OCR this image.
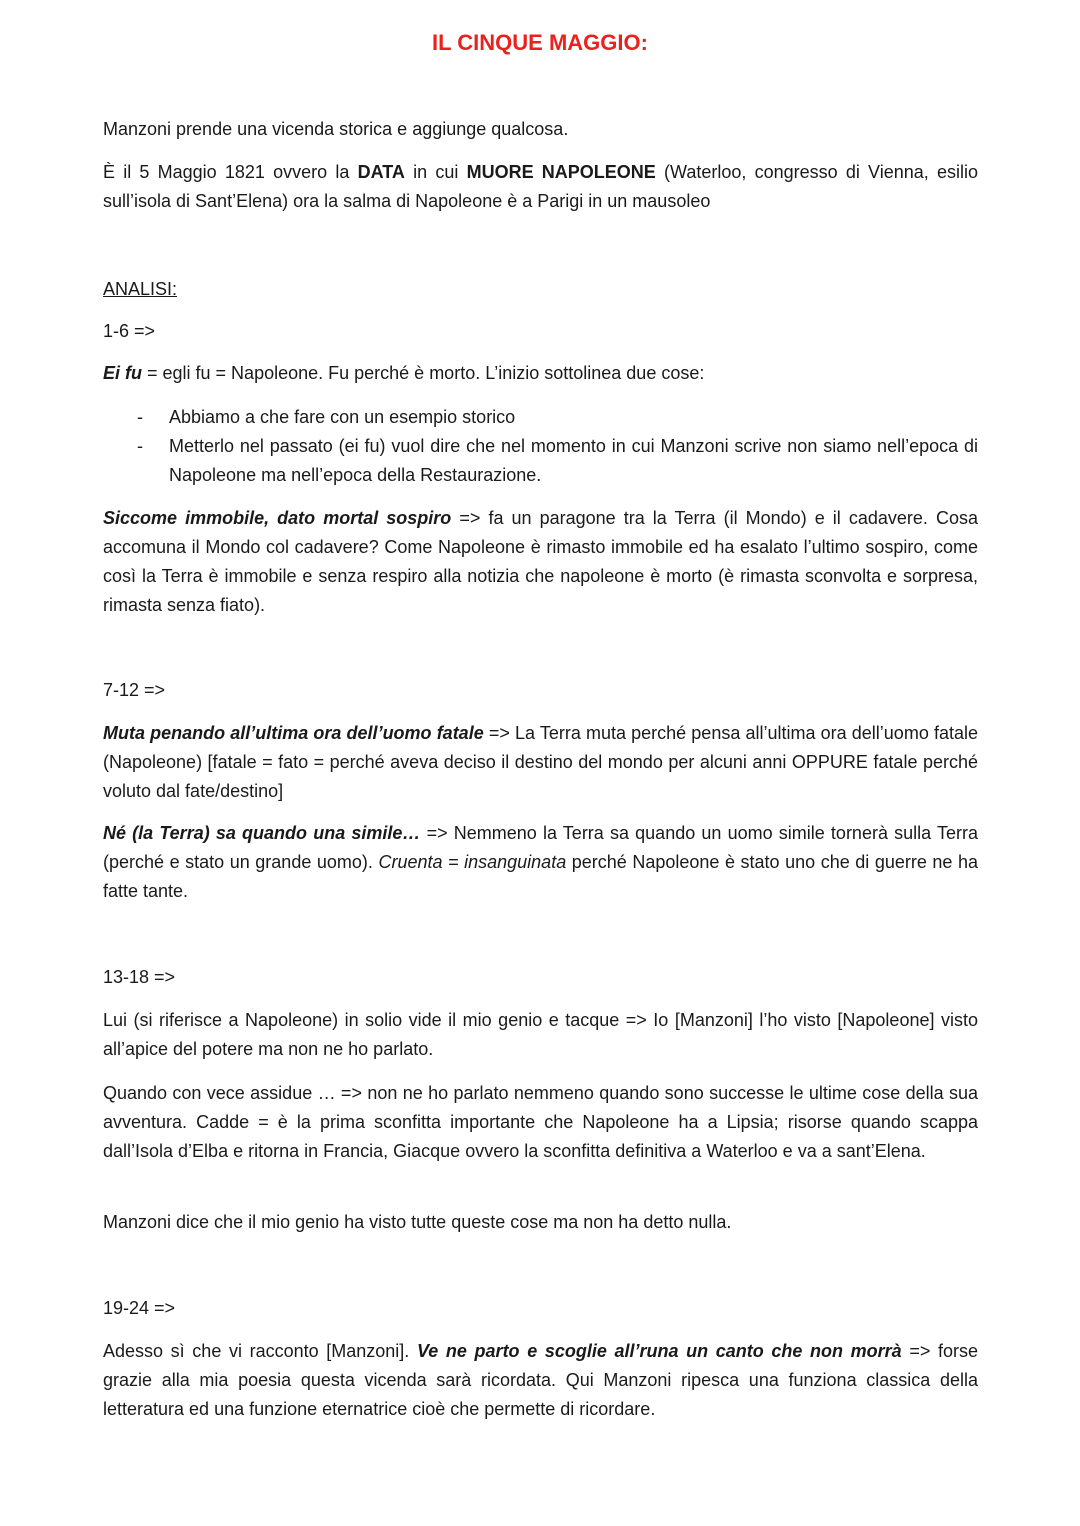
IL CINQUE MAGGIO:

Manzoni prende una vicenda storica e aggiunge qualcosa.

È il 5 Maggio 1821 ovvero la DATA in cui MUORE NAPOLEONE (Waterloo, congresso di Vienna, esilio sull’isola di Sant’Elena) ora la salma di Napoleone è a Parigi in un mausoleo

ANALISI:

1-6 =>

Ei fu = egli fu = Napoleone. Fu perché è morto. L’inizio sottolinea due cose:

- Abbiamo a che fare con un esempio storico
- Metterlo nel passato (ei fu) vuol dire che nel momento in cui Manzoni scrive non siamo nell’epoca di Napoleone ma nell’epoca della Restaurazione.

Siccome immobile, dato mortal sospiro => fa un paragone tra la Terra (il Mondo) e il cadavere. Cosa accomuna il Mondo col cadavere? Come Napoleone è rimasto immobile ed ha esalato l’ultimo sospiro, come così la Terra è immobile e senza respiro alla notizia che napoleone è morto (è rimasta sconvolta e sorpresa, rimasta senza fiato).

7-12 =>

Muta penando all’ultima ora dell’uomo fatale => La Terra muta perché pensa all’ultima ora dell’uomo fatale (Napoleone) [fatale = fato = perché aveva deciso il destino del mondo per alcuni anni OPPURE fatale perché voluto dal fate/destino]

Né (la Terra) sa quando una simile… => Nemmeno la Terra sa quando un uomo simile tornerà sulla Terra (perché e stato un grande uomo). Cruenta = insanguinata perché Napoleone è stato uno che di guerre ne ha fatte tante.

13-18 =>

Lui (si riferisce a Napoleone) in solio vide il mio genio e tacque => Io [Manzoni] l’ho visto [Napoleone] visto all’apice del potere ma non ne ho parlato.

Quando con vece assidue … => non ne ho parlato nemmeno quando sono successe le ultime cose della sua avventura. Cadde = è la prima sconfitta importante che Napoleone ha a Lipsia; risorse quando scappa dall’Isola d’Elba e ritorna in Francia, Giacque ovvero la sconfitta definitiva a Waterloo e va a sant’Elena.

Manzoni dice che il mio genio ha visto tutte queste cose ma non ha detto nulla.

19-24 =>

Adesso sì che vi racconto [Manzoni]. Ve ne parto e scoglie all’runa un canto che non morrà => forse grazie alla mia poesia questa vicenda sarà ricordata. Qui Manzoni ripesca una funziona classica della letteratura ed una funzione eternatrice cioè che permette di ricordare.
